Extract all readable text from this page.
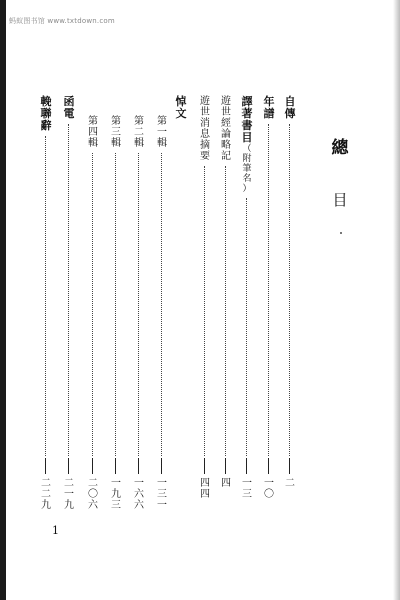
蚂蚁图书馆 www.txtdown.com
總
目
自
傳
二
年
譜
一
〇
譯
著
書
目
（
附
筆
名
）
一
三
遊
世
經
論
略
記
四
遊
世
消
息
摘
要
四
四
悼
文
第
一
輯
一
三
一
第
二
輯
一
六
六
第
三
輯
一
九
三
第
四
輯
二
〇
六
函
電
二
一
九
輓
聯
辭
二
二
九
1
